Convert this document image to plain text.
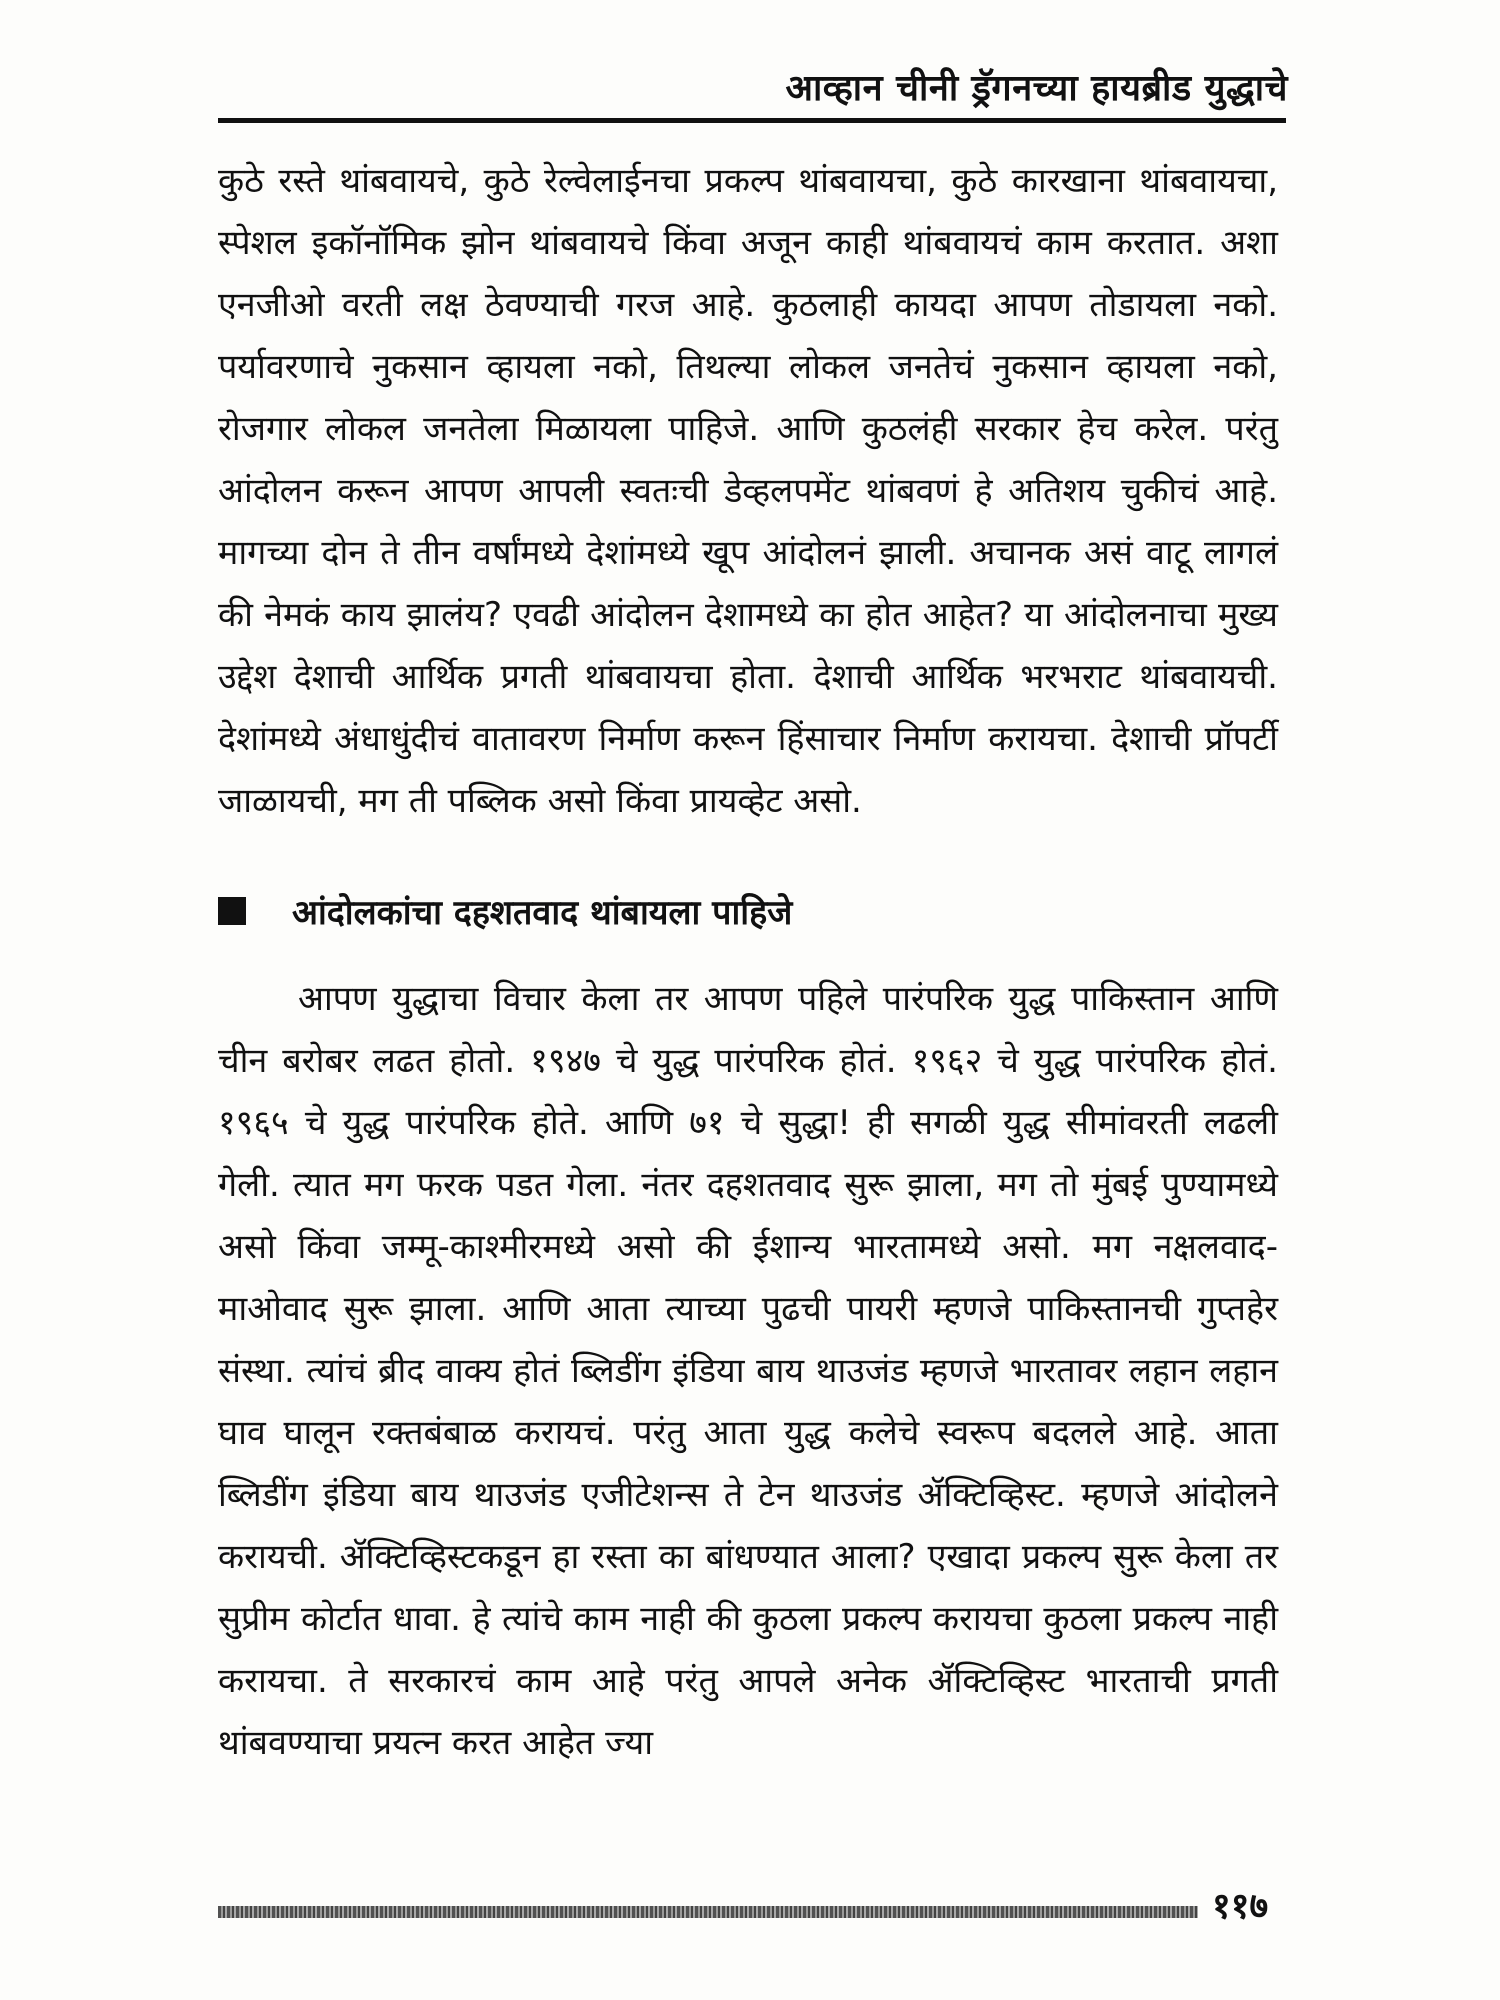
आव्हान चीनी ड्रॅगनच्या हायब्रीड युद्धाचे

कुठे रस्ते थांबवायचे, कुठे रेल्वेलाईनचा प्रकल्प थांबवायचा, कुठे कारखाना थांबवायचा, स्पेशल इकॉनॉमिक झोन थांबवायचे किंवा अजून काही थांबवायचं काम करतात. अशा एनजीओ वरती लक्ष ठेवण्याची गरज आहे. कुठलाही कायदा आपण तोडायला नको. पर्यावरणाचे नुकसान व्हायला नको, तिथल्या लोकल जनतेचं नुकसान व्हायला नको, रोजगार लोकल जनतेला मिळायला पाहिजे. आणि कुठलंही सरकार हेच करेल. परंतु आंदोलन करून आपण आपली स्वतःची डेव्हलपमेंट थांबवणं हे अतिशय चुकीचं आहे. मागच्या दोन ते तीन वर्षांमध्ये देशांमध्ये खूप आंदोलनं झाली. अचानक असं वाटू लागलं की नेमकं काय झालंय? एवढी आंदोलन देशामध्ये का होत आहेत? या आंदोलनाचा मुख्य उद्देश देशाची आर्थिक प्रगती थांबवायचा होता. देशाची आर्थिक भरभराट थांबवायची. देशांमध्ये अंधाधुंदीचं वातावरण निर्माण करून हिंसाचार निर्माण करायचा. देशाची प्रॉपर्टी जाळायची, मग ती पब्लिक असो किंवा प्रायव्हेट असो.

आंदोलकांचा दहशतवाद थांबायला पाहिजे

आपण युद्धाचा विचार केला तर आपण पहिले पारंपरिक युद्ध पाकिस्तान आणि चीन बरोबर लढत होतो. १९४७ चे युद्ध पारंपरिक होतं. १९६२ चे युद्ध पारंपरिक होतं. १९६५ चे युद्ध पारंपरिक होते. आणि ७१ चे सुद्धा! ही सगळी युद्ध सीमांवरती लढली गेली. त्यात मग फरक पडत गेला. नंतर दहशतवाद सुरू झाला, मग तो मुंबई पुण्यामध्ये असो किंवा जम्मू-काश्मीरमध्ये असो की ईशान्य भारतामध्ये असो. मग नक्षलवाद-माओवाद सुरू झाला. आणि आता त्याच्या पुढची पायरी म्हणजे पाकिस्तानची गुप्तहेर संस्था. त्यांचं ब्रीद वाक्य होतं ब्लिडींग इंडिया बाय थाउजंड म्हणजे भारतावर लहान लहान घाव घालून रक्तबंबाळ करायचं. परंतु आता युद्ध कलेचे स्वरूप बदलले आहे. आता ब्लिडींग इंडिया बाय थाउजंड एजीटेशन्स ते टेन थाउजंड ॲक्टिव्हिस्ट. म्हणजे आंदोलने करायची. ॲक्टिव्हिस्टकडून हा रस्ता का बांधण्यात आला? एखादा प्रकल्प सुरू केला तर सुप्रीम कोर्टात धावा. हे त्यांचे काम नाही की कुठला प्रकल्प करायचा कुठला प्रकल्प नाही करायचा. ते सरकारचं काम आहे परंतु आपले अनेक ॲक्टिव्हिस्ट भारताची प्रगती थांबवण्याचा प्रयत्न करत आहेत ज्या

११७
